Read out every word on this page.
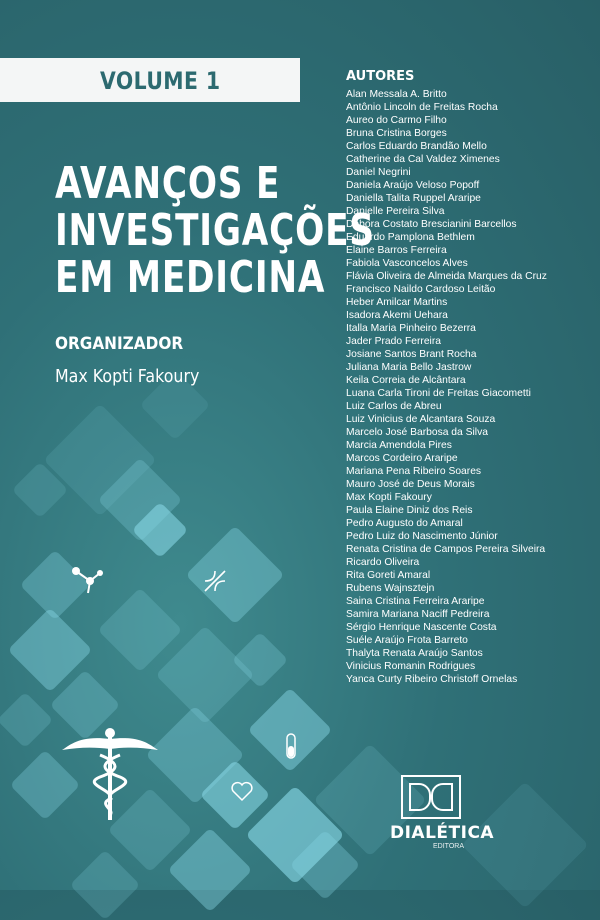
VOLUME 1
AVANÇOS E
INVESTIGAÇÕES
EM MEDICINA
ORGANIZADOR
Max Kopti Fakoury
AUTORES
Alan Messala A. Britto
Antônio Lincoln de Freitas Rocha
Aureo do Carmo Filho
Bruna Cristina Borges
Carlos Eduardo Brandão Mello
Catherine da Cal Valdez Ximenes
Daniel Negrini
Daniela Araújo Veloso Popoff
Daniella Talita Ruppel Araripe
Danielle Pereira Silva
Débora Costato Brescianini Barcellos
Eduardo Pamplona Bethlem
Elaine Barros Ferreira
Fabiola Vasconcelos Alves
Flávia Oliveira de Almeida Marques da Cruz
Francisco Naildo Cardoso Leitão
Heber Amilcar Martins
Isadora Akemi Uehara
Italla Maria Pinheiro Bezerra
Jader Prado Ferreira
Josiane Santos Brant Rocha
Juliana Maria Bello Jastrow
Keila Correia de Alcântara
Luana Carla Tironi de Freitas Giacometti
Luiz Carlos de Abreu
Luiz Vinicius de Alcantara Souza
Marcelo José Barbosa da Silva
Marcia Amendola Pires
Marcos Cordeiro Araripe
Mariana Pena Ribeiro Soares
Mauro José de Deus Morais
Max Kopti Fakoury
Paula Elaine Diniz dos Reis
Pedro Augusto do Amaral
Pedro Luiz do Nascimento Júnior
Renata Cristina de Campos Pereira Silveira
Ricardo Oliveira
Rita Goreti Amaral
Rubens Wajnsztejn
Saina Cristina Ferreira Araripe
Samira Mariana Naciff Pedreira
Sérgio Henrique Nascente Costa
Suéle Araújo Frota Barreto
Thalyta Renata Araújo Santos
Vinicius Romanin Rodrigues
Yanca Curty Ribeiro Christoff Ornelas
DIALÉTICA
EDITORA
